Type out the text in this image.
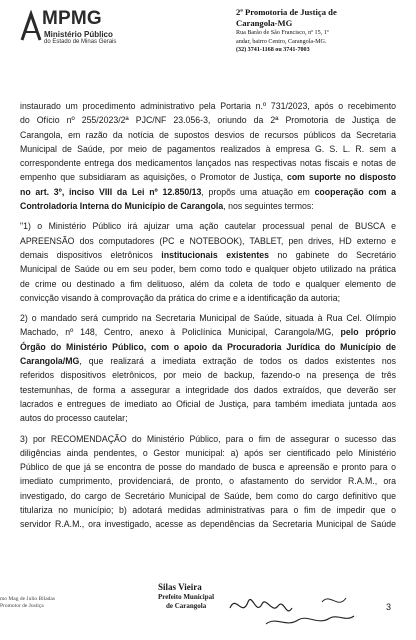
MPMG
Ministério Público
do Estado de Minas Gerais
2ª Promotoria de Justiça de
Carangola-MG
Rua Barão de São Francisco, nº 15, 1º
andar, bairro Centro, Carangola-MG.
(32) 3741-1168 ou 3741-7003

instaurado um procedimento administrativo pela Portaria n.º 731/2023, após o recebimento
do Ofício nº 255/2023/2ª PJC/NF 23.056-3, oriundo da 2ª Promotoria de Justiça de
Carangola, em razão da notícia de supostos desvios de recursos públicos da Secretaria
Municipal de Saúde, por meio de pagamentos realizados à empresa G. S. L. R. sem a
correspondente entrega dos medicamentos lançados nas respectivas notas fiscais e notas de
empenho que subsidiaram as aquisições, o Promotor de Justiça, com suporte no disposto
no art. 3º, inciso VIII da Lei nº 12.850/13, propõs uma atuação em cooperação com a
Controladoria Interna do Município de Carangola, nos seguintes termos:

"1) o Ministério Público irá ajuizar uma ação cautelar processual penal de BUSCA e
APREENSÃO dos computadores (PC e NOTEBOOK), TABLET, pen drives, HD externo e
demais dispositivos eletrônicos institucionais existentes no gabinete do Secretário
Municipal de Saúde ou em seu poder, bem como todo e qualquer objeto utilizado na prática
de crime ou destinado a fim delituoso, além da coleta de todo e qualquer elemento de
convicção visando à comprovação da prática do crime e a identificação da autoria;

2) o mandado será cumprido na Secretaria Municipal de Saúde, situada à Rua Cel. Olímpio
Machado, nº 148, Centro, anexo à Policlínica Municipal, Carangola/MG, pelo próprio
Órgão do Ministério Público, com o apoio da Procuradoria Jurídica do Município de
Carangola/MG, que realizará a imediata extração de todos os dados existentes nos
referidos dispositivos eletrônicos, por meio de backup, fazendo-o na presença de três
testemunhas, de forma a assegurar a integridade dos dados extraídos, que deverão ser
lacrados e entregues de imediato ao Oficial de Justiça, para também imediata juntada aos
autos do processo cautelar;

3) por RECOMENDAÇÃO do Ministério Público, para o fim de assegurar o sucesso das
diligências ainda pendentes, o Gestor municipal: a) após ser cientificado pelo Ministério
Público de que já se encontra de posse do mandado de busca e apreensão e pronto para o
imediato cumprimento, providenciará, de pronto, o afastamento do servidor R.A.M., ora
investigado, do cargo de Secretário Municipal de Saúde, bem como do cargo definitivo que
titulariza no município; b) adotará medidas administrativas para o fim de impedir que o
servidor R.A.M., ora investigado, acesse as dependências da Secretaria Municipal de Saúde

mo Mag de Julio Biladas
Promotor de Justiça
Silas Vieira
Prefeito Municipal
de Carangola	3
